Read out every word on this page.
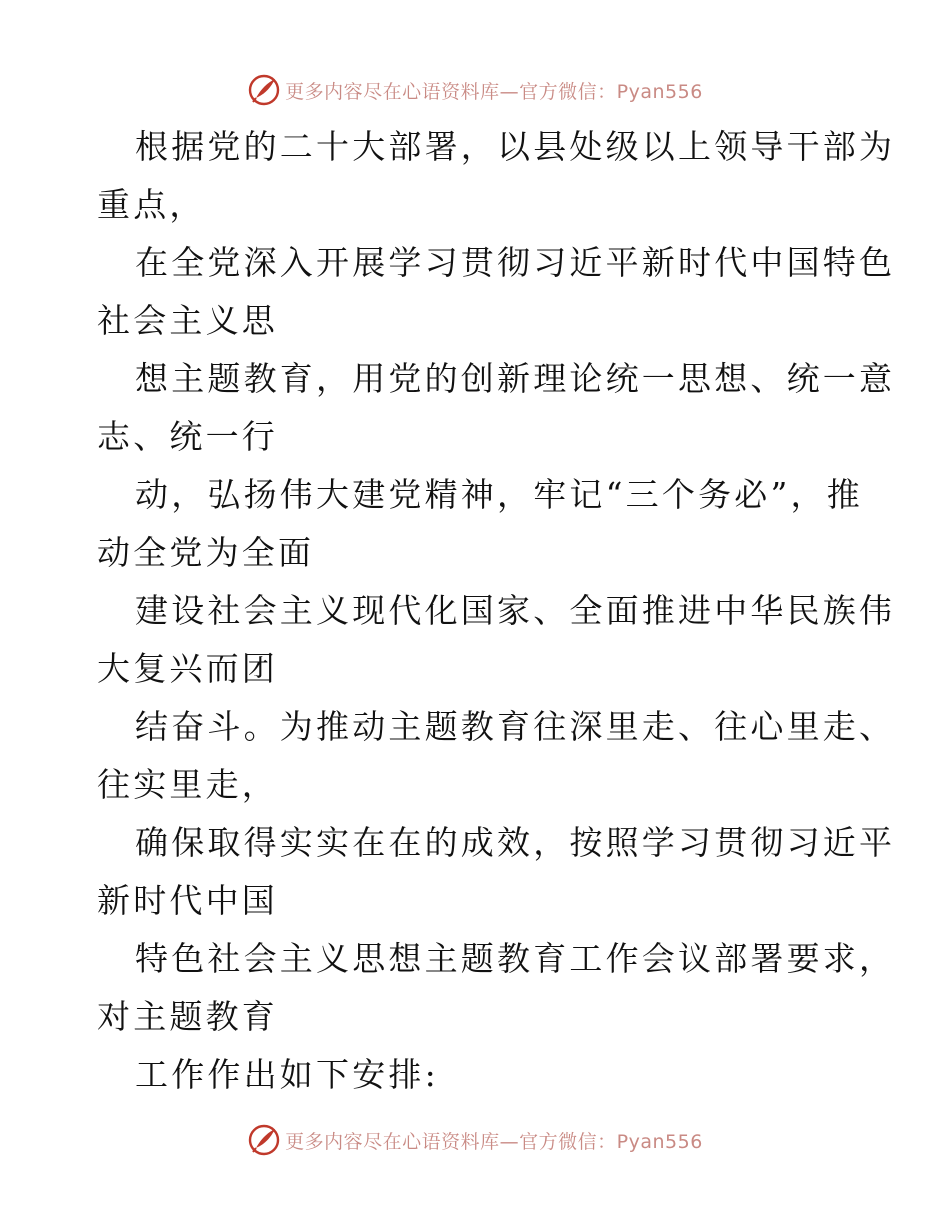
更多内容尽在心语资料库—官方微信：Pyan556
根据党的二十大部署，以县处级以上领导干部为
重点，
在全党深入开展学习贯彻习近平新时代中国特色
社会主义思
想主题教育，用党的创新理论统一思想、统一意
志、统一行
动，弘扬伟大建党精神，牢记“三个务必”，推
动全党为全面
建设社会主义现代化国家、全面推进中华民族伟
大复兴而团
结奋斗。为推动主题教育往深里走、往心里走、
往实里走，
确保取得实实在在的成效，按照学习贯彻习近平
新时代中国
特色社会主义思想主题教育工作会议部署要求，
对主题教育
工作作出如下安排:
更多内容尽在心语资料库—官方微信：Pyan556
